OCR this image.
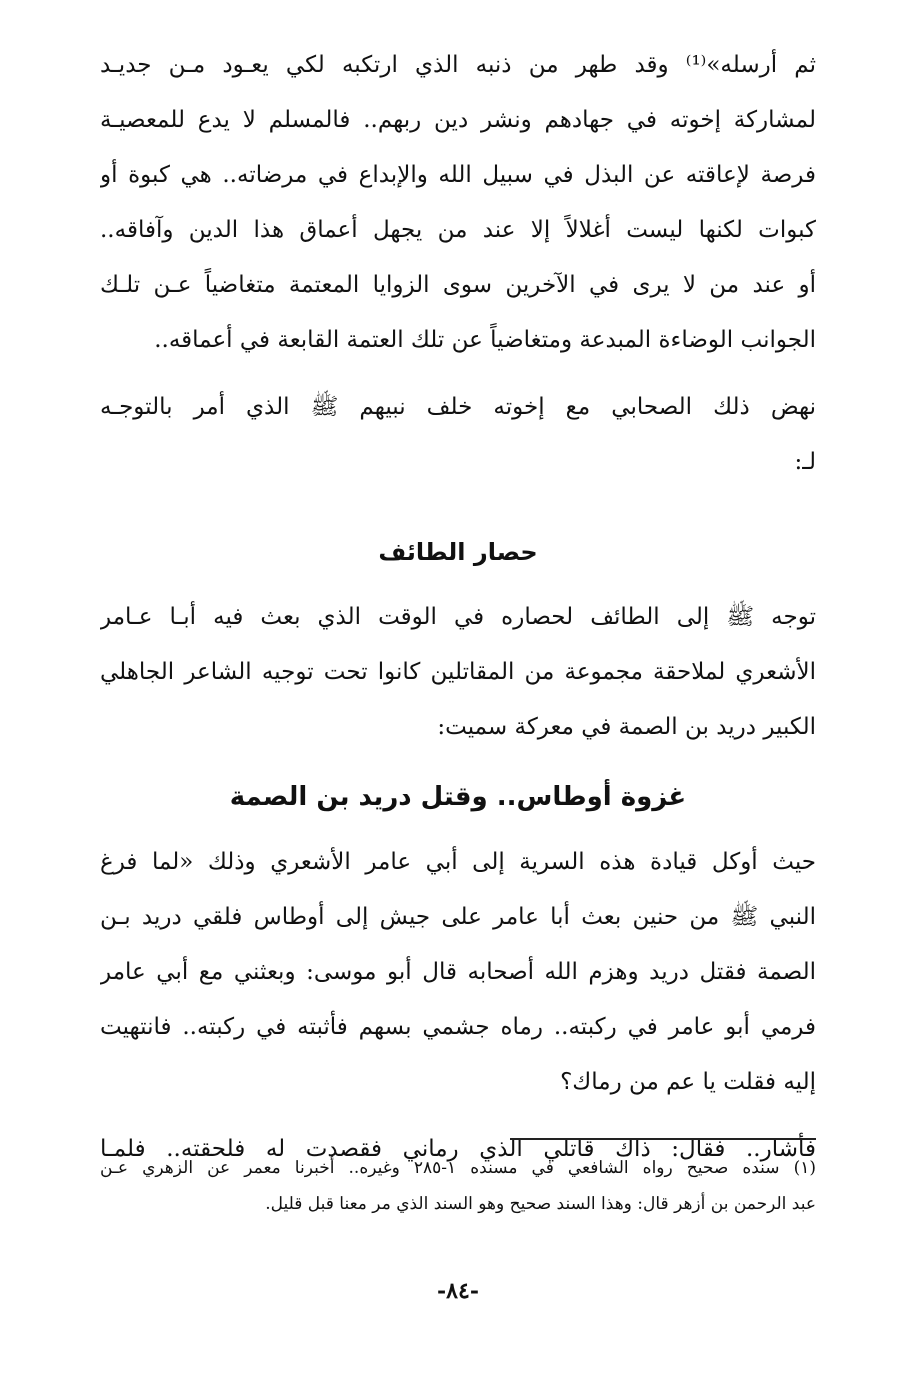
ثم أرسله»⁽¹⁾ وقد طهر من ذنبه الذي ارتكبه لكي يعـود مـن جديـد
لمشاركة إخوته في جهادهم ونشر دين ربهم.. فالمسلم لا يدع للمعصيـة
فرصة لإعاقته عن البذل في سبيل الله والإبداع في مرضاته.. هي كبوة أو
كبوات لكنها ليست أغلالاً إلا عند من يجهل أعماق هذا الدين وآفاقه..
أو عند من لا يرى في الآخرين سوى الزوايا المعتمة متغاضياً عـن تلـك
الجوانب الوضاءة المبدعة ومتغاضياً عن تلك العتمة القابعة في أعماقه..
نهض ذلك الصحابي مع إخوته خلف نبيهم ﷺ الذي أمر بالتوجـه
لـ:
حصار الطائف
توجه ﷺ إلى الطائف لحصاره في الوقت الذي بعث فيه أبـا عـامر
الأشعري لملاحقة مجموعة من المقاتلين كانوا تحت توجيه الشاعر الجاهلي
الكبير دريد بن الصمة في معركة سميت:
غزوة أوطاس.. وقتل دريد بن الصمة
حيث أوكل قيادة هذه السرية إلى أبي عامر الأشعري وذلك «لما فرغ
النبي ﷺ من حنين بعث أبا عامر على جيش إلى أوطاس فلقي دريد بـن
الصمة فقتل دريد وهزم الله أصحابه قال أبو موسى: وبعثني مع أبي عامر
فرمي أبو عامر في ركبته.. رماه جشمي بسهم فأثبته في ركبته.. فانتهيت
إليه فقلت يا عم من رماك؟
فأشار.. فقال: ذاك قاتلي الذي رماني فقصدت له فلحقته.. فلمـا
(١) سنده صحيح رواه الشافعي في مسنده ١-٢٨٥ وغيره.. أخبرنا معمر عن الزهري عـن
عبد الرحمن بن أزهر قال: وهذا السند صحيح وهو السند الذي مر معنا قبل قليل.
-٨٤-
